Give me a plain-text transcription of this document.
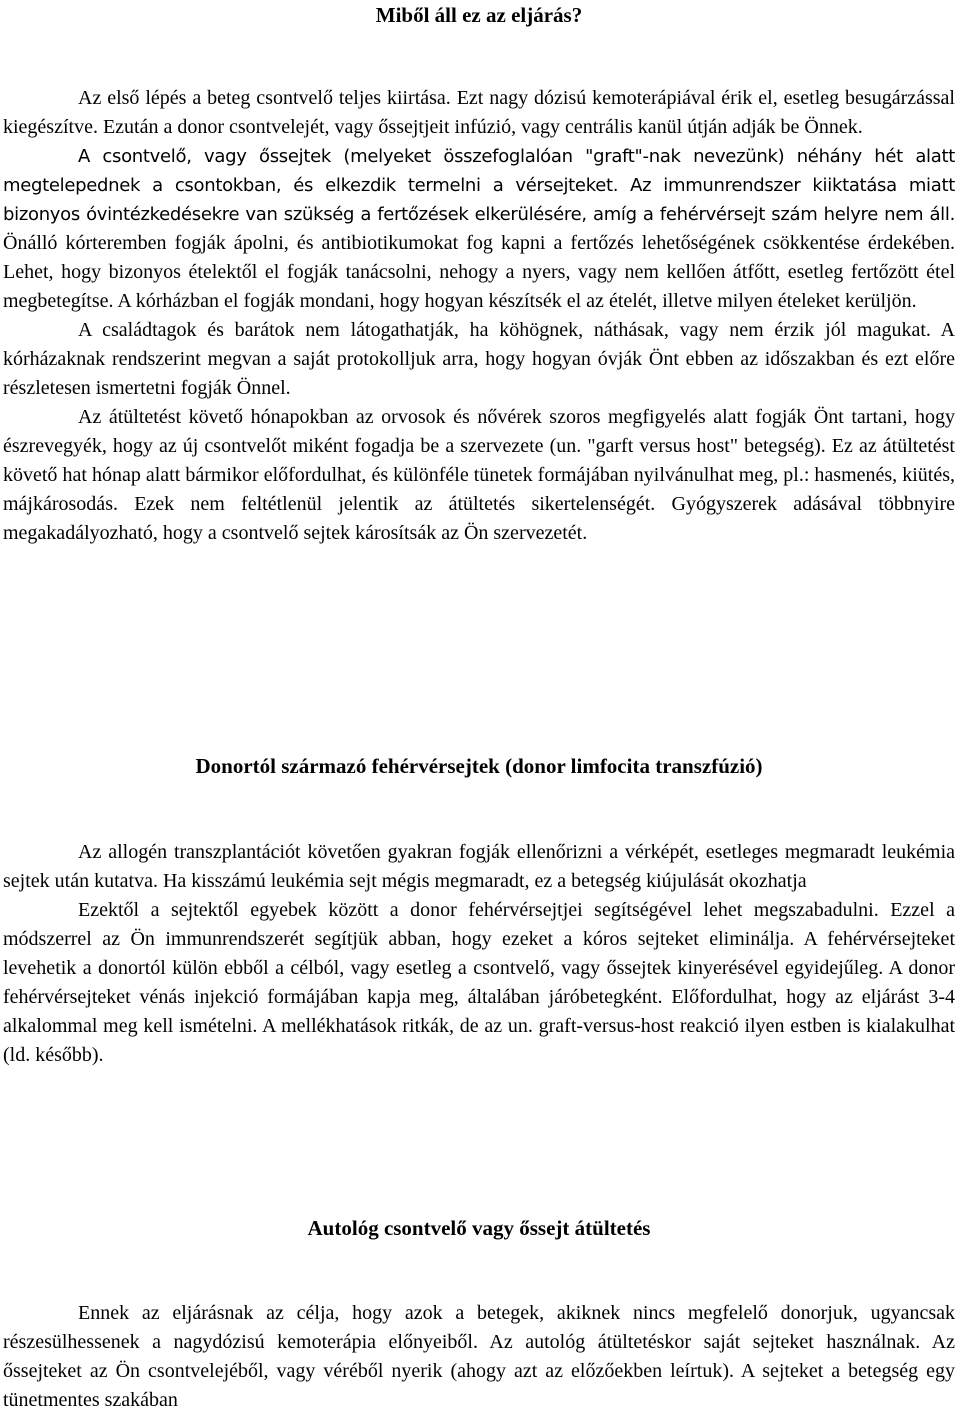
Miből áll ez az eljárás?

Az első lépés a beteg csontvelő teljes kiirtása. Ezt nagy dózisú kemoterápiával érik el, esetleg besugárzással kiegészítve. Ezután a donor csontvelejét, vagy őssejtjeit infúzió, vagy centrális kanül útján adják be Önnek.

A csontvelő, vagy őssejtek (melyeket összefoglalóan "graft"-nak nevezünk) néhány hét alatt megtelepednek a csontokban, és elkezdik termelni a vérsejteket. Az immunrendszer kiiktatása miatt bizonyos óvintézkedésekre van szükség a fertőzések elkerülésére, amíg a fehérvérsejt szám helyre nem áll. Önálló kórteremben fogják ápolni, és antibiotikumokat fog kapni a fertőzés lehetőségének csökkentése érdekében. Lehet, hogy bizonyos ételektől el fogják tanácsolni, nehogy a nyers, vagy nem kellően átfőtt, esetleg fertőzött étel megbetegítse. A kórházban el fogják mondani, hogy hogyan készítsék el az ételét, illetve milyen ételeket kerüljön.

A családtagok és barátok nem látogathatják, ha köhögnek, náthásak, vagy nem érzik jól magukat. A kórházaknak rendszerint megvan a saját protokolljuk arra, hogy hogyan óvják Önt ebben az időszakban és ezt előre részletesen ismertetni fogják Önnel.

Az átültetést követő hónapokban az orvosok és nővérek szoros megfigyelés alatt fogják Önt tartani, hogy észrevegyék, hogy az új csontvelőt miként fogadja be a szervezete (un. "garft versus host" betegség). Ez az átültetést követő hat hónap alatt bármikor előfordulhat, és különféle tünetek formájában nyilvánulhat meg, pl.: hasmenés, kiütés, májkárosodás. Ezek nem feltétlenül jelentik az átültetés sikertelenségét. Gyógyszerek adásával többnyire megakadályozható, hogy a csontvelő sejtek károsítsák az Ön szervezetét.

Donortól származó fehérvérsejtek (donor limfocita transzfúzió)

Az allogén transzplantációt követően gyakran fogják ellenőrizni a vérképét, esetleges megmaradt leukémia sejtek után kutatva. Ha kisszámú leukémia sejt mégis megmaradt, ez a betegség kiújulását okozhatja

Ezektől a sejtektől egyebek között a donor fehérvérsejtjei segítségével lehet megszabadulni. Ezzel a módszerrel az Ön immunrendszerét segítjük abban, hogy ezeket a kóros sejteket eliminálja. A fehérvérsejteket levehetik a donortól külön ebből a célból, vagy esetleg a csontvelő, vagy őssejtek kinyerésével egyidejűleg. A donor fehérvérsejteket vénás injekció formájában kapja meg, általában járóbetegként. Előfordulhat, hogy az eljárást 3-4 alkalommal meg kell ismételni. A mellékhatások ritkák, de az un. graft-versus-host reakció ilyen estben is kialakulhat (ld. később).

Autológ csontvelő vagy őssejt átültetés

Ennek az eljárásnak az célja, hogy azok a betegek, akiknek nincs megfelelő donorjuk, ugyancsak részesülhessenek a nagydózisú kemoterápia előnyeiből. Az autológ átültetéskor saját sejteket használnak. Az őssejteket az Ön csontvelejéből, vagy véréből nyerik (ahogy azt az előzőekben leírtuk). A sejteket a betegség egy tünetmentes szakában
